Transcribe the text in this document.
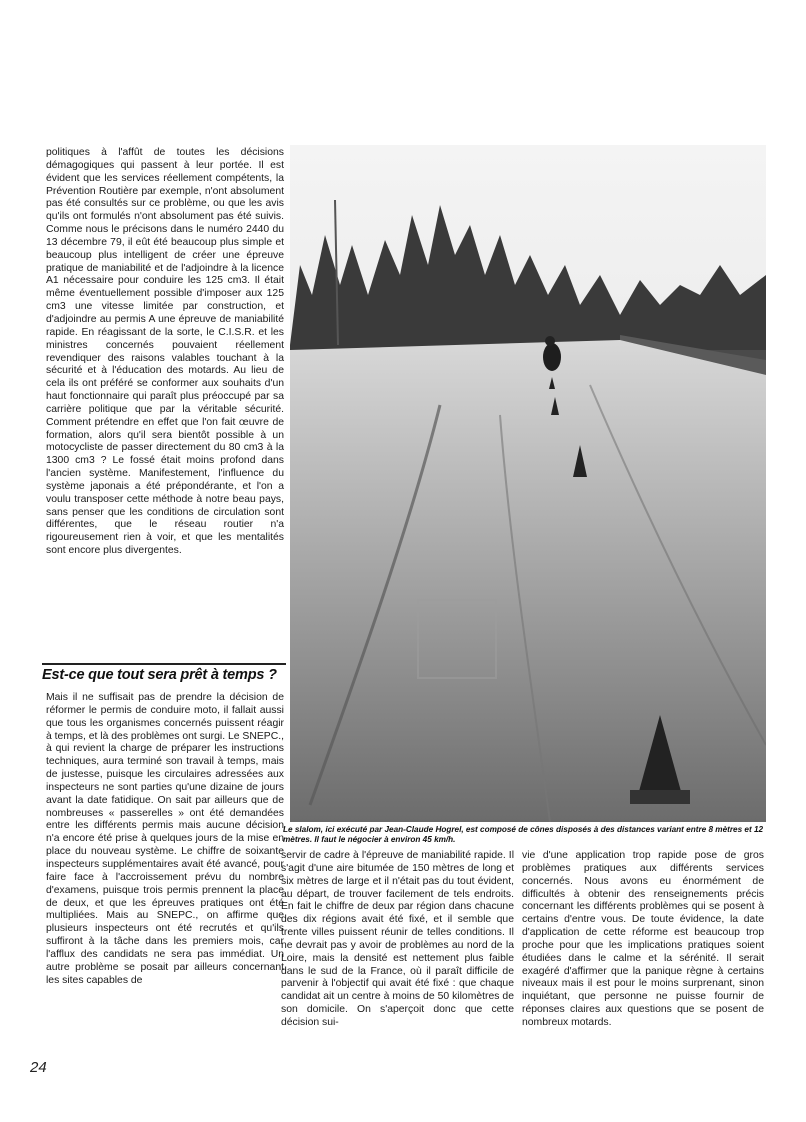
politiques à l'affût de toutes les décisions démagogiques qui passent à leur portée. Il est évident que les services réellement compétents, la Prévention Routière par exemple, n'ont absolument pas été consultés sur ce problème, ou que les avis qu'ils ont formulés n'ont absolument pas été suivis. Comme nous le précisons dans le numéro 2440 du 13 décembre 79, il eût été beaucoup plus simple et beaucoup plus intelligent de créer une épreuve pratique de maniabilité et de l'adjoindre à la licence A1 nécessaire pour conduire les 125 cm3. Il était même éventuellement possible d'imposer aux 125 cm3 une vitesse limitée par construction, et d'adjoindre au permis A une épreuve de maniabilité rapide. En réagissant de la sorte, le C.I.S.R. et les ministres concernés pouvaient réellement revendiquer des raisons valables touchant à la sécurité et à l'éducation des motards. Au lieu de cela ils ont préféré se conformer aux souhaits d'un haut fonctionnaire qui paraît plus préoccupé par sa carrière politique que par la véritable sécurité. Comment prétendre en effet que l'on fait œuvre de formation, alors qu'il sera bientôt possible à un motocycliste de passer directement du 80 cm3 à la 1300 cm3 ? Le fossé était moins profond dans l'ancien système. Manifestement, l'influence du système japonais a été prépondérante, et l'on a voulu transposer cette méthode à notre beau pays, sans penser que les conditions de circulation sont différentes, que le réseau routier n'a rigoureusement rien à voir, et que les mentalités sont encore plus divergentes.

Est-ce que tout sera prêt à temps ?

Mais il ne suffisait pas de prendre la décision de réformer le permis de conduire moto, il fallait aussi que tous les organismes concernés puissent réagir à temps, et là des problèmes ont surgi. Le SNEPC., à qui revient la charge de préparer les instructions techniques, aura terminé son travail à temps, mais de justesse, puisque les circulaires adressées aux inspecteurs ne sont parties qu'une dizaine de jours avant la date fatidique. On sait par ailleurs que de nombreuses « passerelles » ont été demandées entre les différents permis mais aucune décision n'a encore été prise à quelques jours de la mise en place du nouveau système. Le chiffre de soixante inspecteurs supplémentaires avait été avancé, pour faire face à l'accroissement prévu du nombre d'examens, puisque trois permis prennent la place de deux, et que les épreuves pratiques ont été multipliées. Mais au SNEPC., on affirme que plusieurs inspecteurs ont été recrutés et qu'ils suffiront à la tâche dans les premiers mois, car l'afflux des candidats ne sera pas immédiat. Un autre problème se posait par ailleurs concernant les sites capables de

Le slalom, ici exécuté par Jean-Claude Hogrel, est composé de cônes disposés à des distances variant entre 8 mètres et 12 mètres. Il faut le négocier à environ 45 km/h.

servir de cadre à l'épreuve de maniabilité rapide. Il s'agit d'une aire bitumée de 150 mètres de long et six mètres de large et il n'était pas du tout évident, au départ, de trouver facilement de tels endroits. En fait le chiffre de deux par région dans chacune des dix régions avait été fixé, et il semble que trente villes puissent réunir de telles conditions. Il ne devrait pas y avoir de problèmes au nord de la Loire, mais la densité est nettement plus faible dans le sud de la France, où il paraît difficile de parvenir à l'objectif qui avait été fixé : que chaque candidat ait un centre à moins de 50 kilomètres de son domicile. On s'aperçoit donc que cette décision sui-

vie d'une application trop rapide pose de gros problèmes pratiques aux différents services concernés. Nous avons eu énormément de difficultés à obtenir des renseignements précis concernant les différents problèmes qui se posent à certains d'entre vous. De toute évidence, la date d'application de cette réforme est beaucoup trop proche pour que les implications pratiques soient étudiées dans le calme et la sérénité. Il serait exagéré d'affirmer que la panique règne à certains niveaux mais il est pour le moins surprenant, sinon inquiétant, que personne ne puisse fournir de réponses claires aux questions que se posent de nombreux motards.

24
